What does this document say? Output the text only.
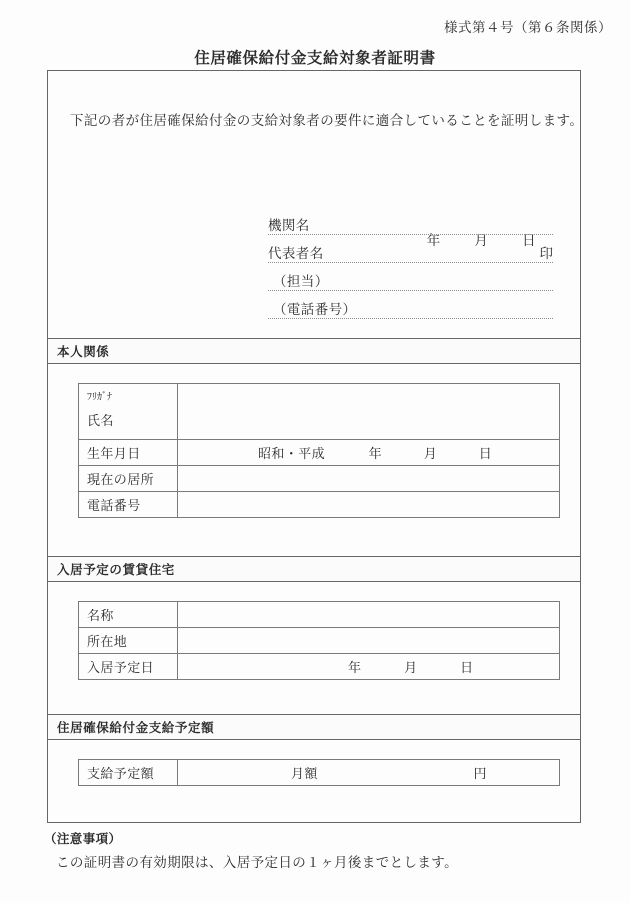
様式第４号（第６条関係）
住居確保給付金支給対象者証明書
下記の者が住居確保給付金の支給対象者の要件に適合していることを証明します。
年	月	日
機関名
代表者名	印
（担当）
（電話番号）
本人関係
ﾌﾘｶﾞﾅ
氏名	

生年月日	昭和・平成 年 月 日
現在の居所	
電話番号	
入居予定の賃貸住宅
名称	
所在地	
入居予定日	年 月 日
住居確保給付金支給予定額
支給予定額	月額	円
（注意事項）
この証明書の有効期限は、入居予定日の１ヶ月後までとします。
